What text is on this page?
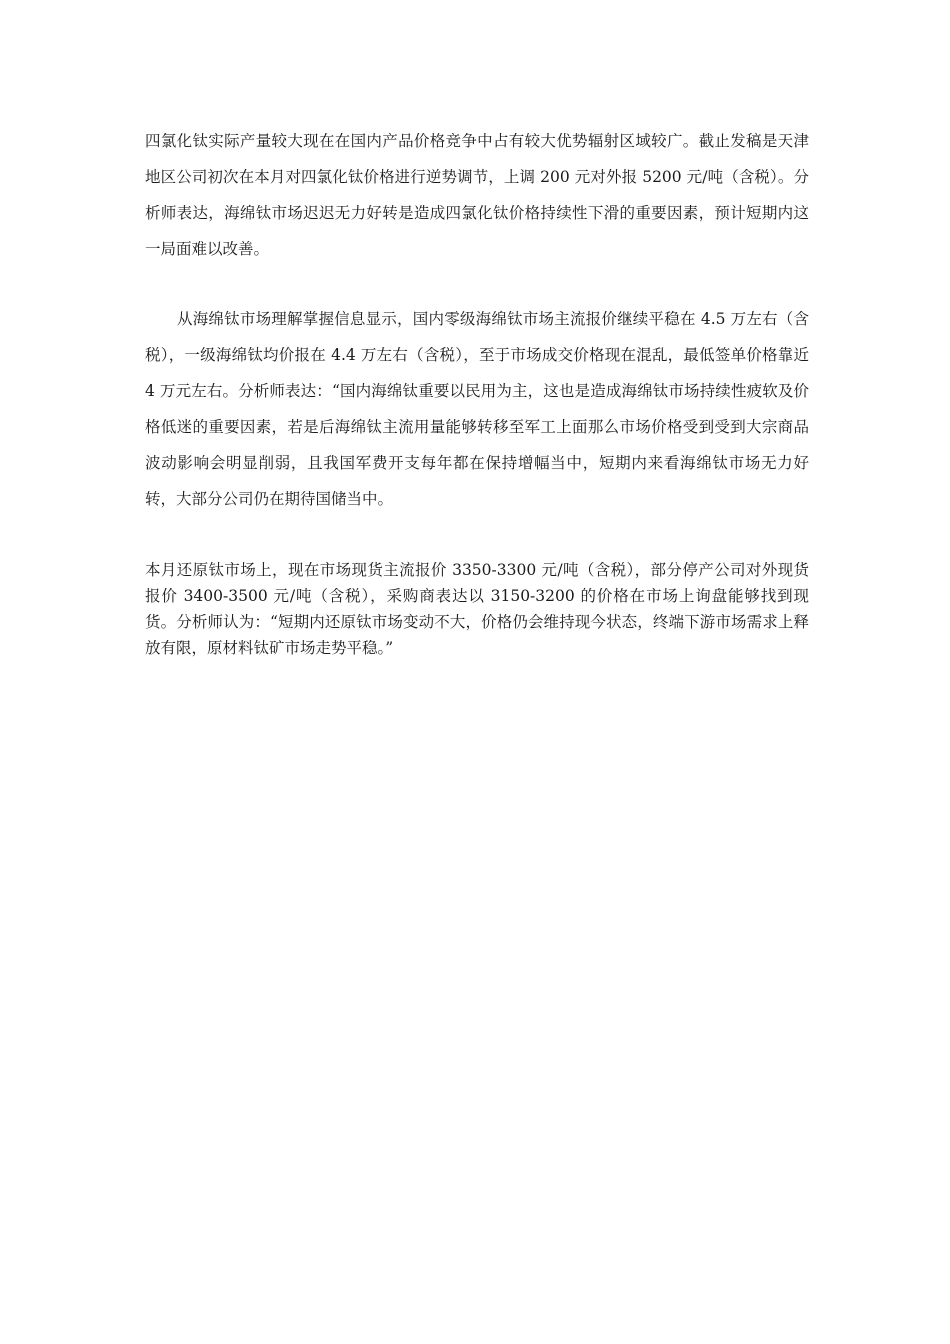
四氯化钛实际产量较大现在在国内产品价格竞争中占有较大优势辐射区域较广。截止发稿是天津地区公司初次在本月对四氯化钛价格进行逆势调节，上调 200 元对外报 5200 元/吨（含税）。分析师表达，海绵钛市场迟迟无力好转是造成四氯化钛价格持续性下滑的重要因素，预计短期内这一局面难以改善。

从海绵钛市场理解掌握信息显示，国内零级海绵钛市场主流报价继续平稳在 4.5 万左右（含税），一级海绵钛均价报在 4.4 万左右（含税），至于市场成交价格现在混乱，最低签单价格靠近 4 万元左右。分析师表达：“国内海绵钛重要以民用为主，这也是造成海绵钛市场持续性疲软及价格低迷的重要因素，若是后海绵钛主流用量能够转移至军工上面那么市场价格受到受到大宗商品波动影响会明显削弱，且我国军费开支每年都在保持增幅当中，短期内来看海绵钛市场无力好转，大部分公司仍在期待国储当中。

本月还原钛市场上，现在市场现货主流报价 3350-3300 元/吨（含税），部分停产公司对外现货报价 3400-3500 元/吨（含税），采购商表达以 3150-3200 的价格在市场上询盘能够找到现货。分析师认为：“短期内还原钛市场变动不大，价格仍会维持现今状态，终端下游市场需求上释放有限，原材料钛矿市场走势平稳。”
